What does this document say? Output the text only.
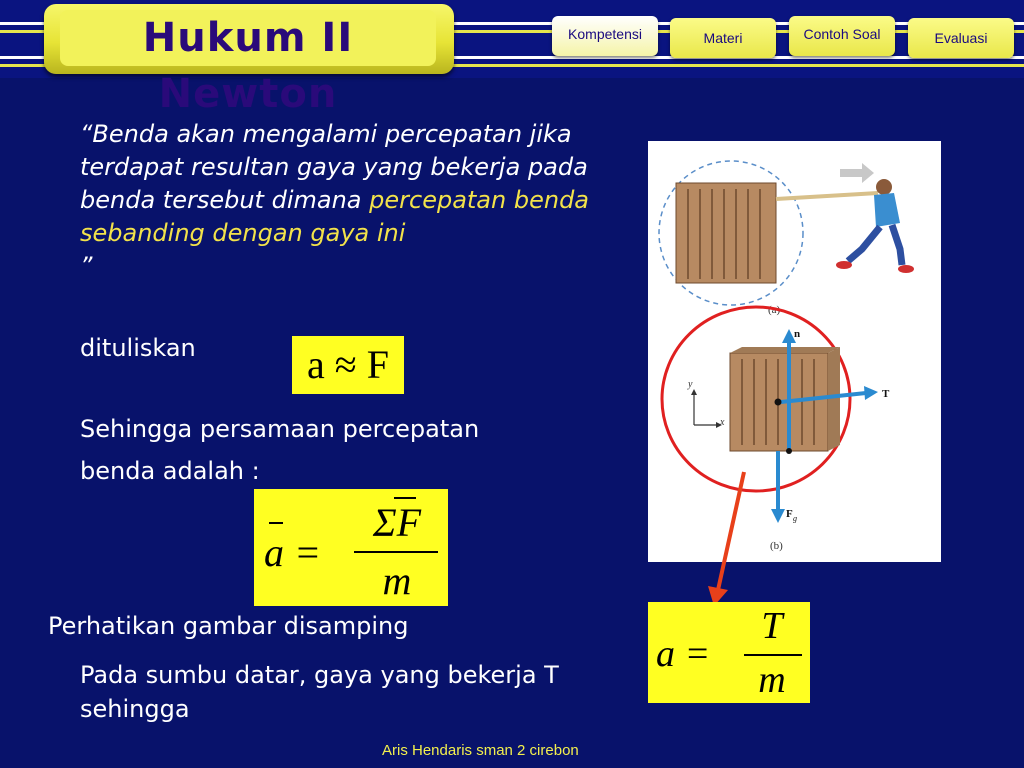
Hukum II Newton
Kompetensi	Materi	Contoh Soal	Evaluasi
“Benda akan mengalami percepatan jika terdapat resultan gaya yang bekerja pada benda tersebut dimana percepatan benda sebanding dengan gaya ini
”
dituliskan	a ≈ F
Sehingga persamaan percepatan benda adalah :
a =
ΣF
m
Perhatikan gambar disamping
Pada sumbu datar, gaya yang bekerja T sehingga
(a)
y
x
n
T
F g
(b)
a =
T
m
Aris Hendaris sman 2 cirebon
